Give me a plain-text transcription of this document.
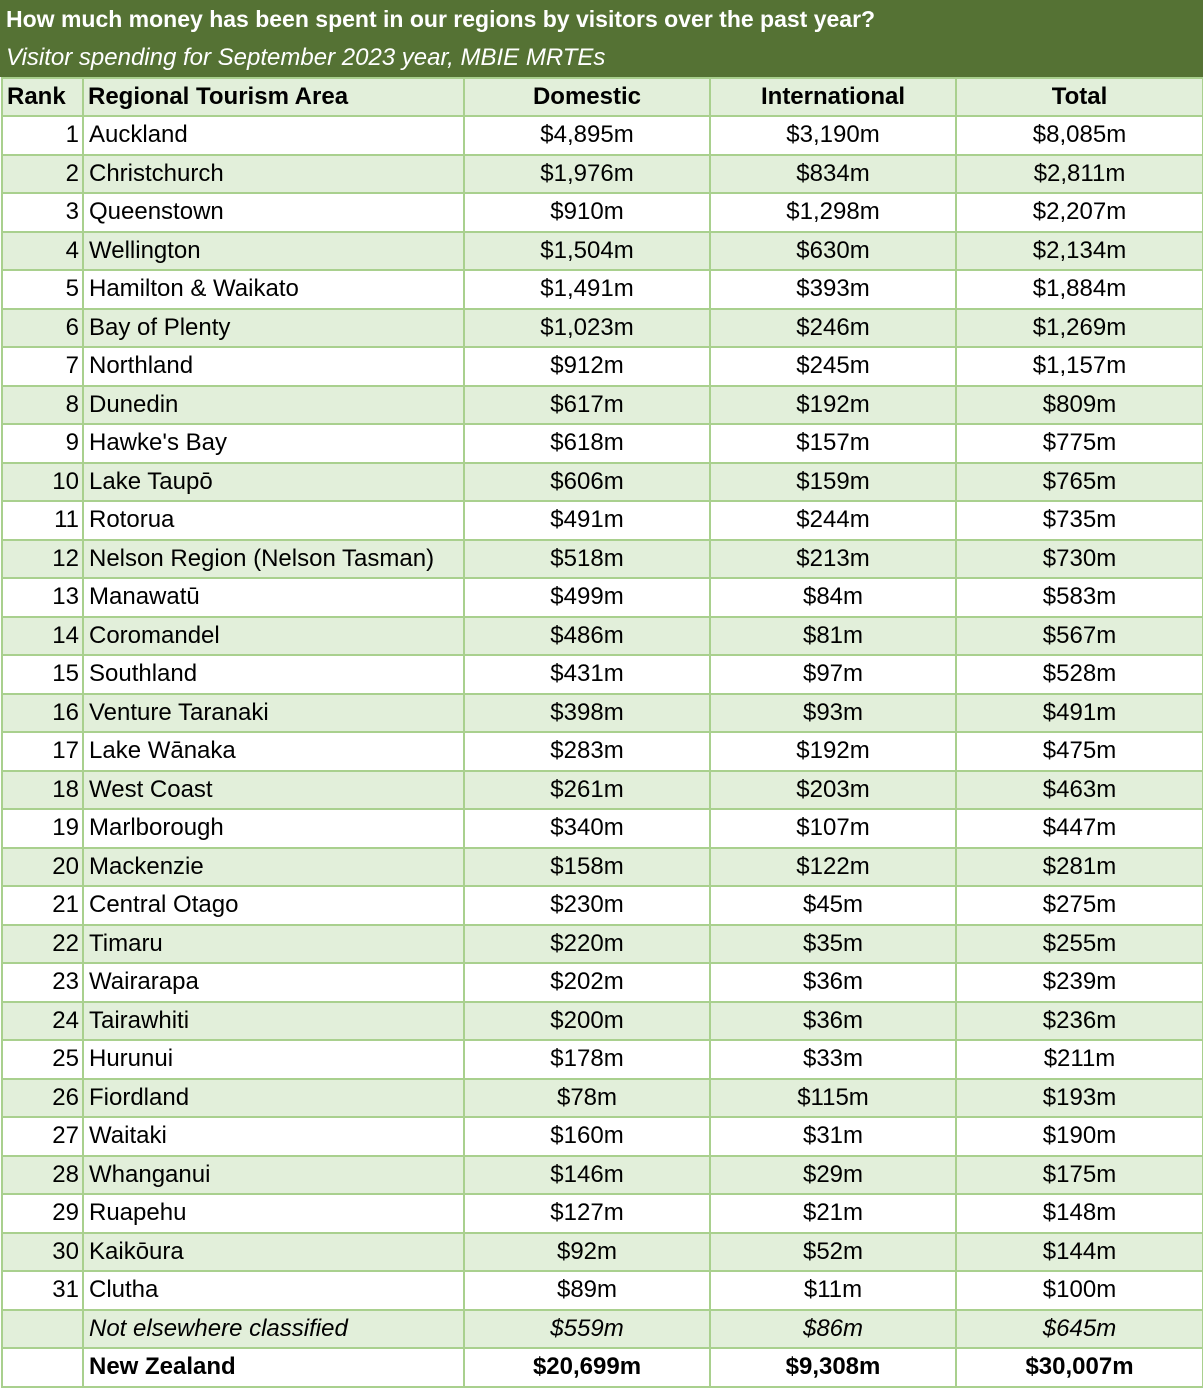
How much money has been spent in our regions by visitors over the past year?
Visitor spending for September 2023 year, MBIE MRTEs
Rank	Regional Tourism Area	Domestic	International	Total
1	Auckland	$4,895m	$3,190m	$8,085m
2	Christchurch	$1,976m	$834m	$2,811m
3	Queenstown	$910m	$1,298m	$2,207m
4	Wellington	$1,504m	$630m	$2,134m
5	Hamilton & Waikato	$1,491m	$393m	$1,884m
6	Bay of Plenty	$1,023m	$246m	$1,269m
7	Northland	$912m	$245m	$1,157m
8	Dunedin	$617m	$192m	$809m
9	Hawke's Bay	$618m	$157m	$775m
10	Lake Taupō	$606m	$159m	$765m
11	Rotorua	$491m	$244m	$735m
12	Nelson Region (Nelson Tasman)	$518m	$213m	$730m
13	Manawatū	$499m	$84m	$583m
14	Coromandel	$486m	$81m	$567m
15	Southland	$431m	$97m	$528m
16	Venture Taranaki	$398m	$93m	$491m
17	Lake Wānaka	$283m	$192m	$475m
18	West Coast	$261m	$203m	$463m
19	Marlborough	$340m	$107m	$447m
20	Mackenzie	$158m	$122m	$281m
21	Central Otago	$230m	$45m	$275m
22	Timaru	$220m	$35m	$255m
23	Wairarapa	$202m	$36m	$239m
24	Tairawhiti	$200m	$36m	$236m
25	Hurunui	$178m	$33m	$211m
26	Fiordland	$78m	$115m	$193m
27	Waitaki	$160m	$31m	$190m
28	Whanganui	$146m	$29m	$175m
29	Ruapehu	$127m	$21m	$148m
30	Kaikōura	$92m	$52m	$144m
31	Clutha	$89m	$11m	$100m
	Not elsewhere classified	$559m	$86m	$645m
	New Zealand	$20,699m	$9,308m	$30,007m
